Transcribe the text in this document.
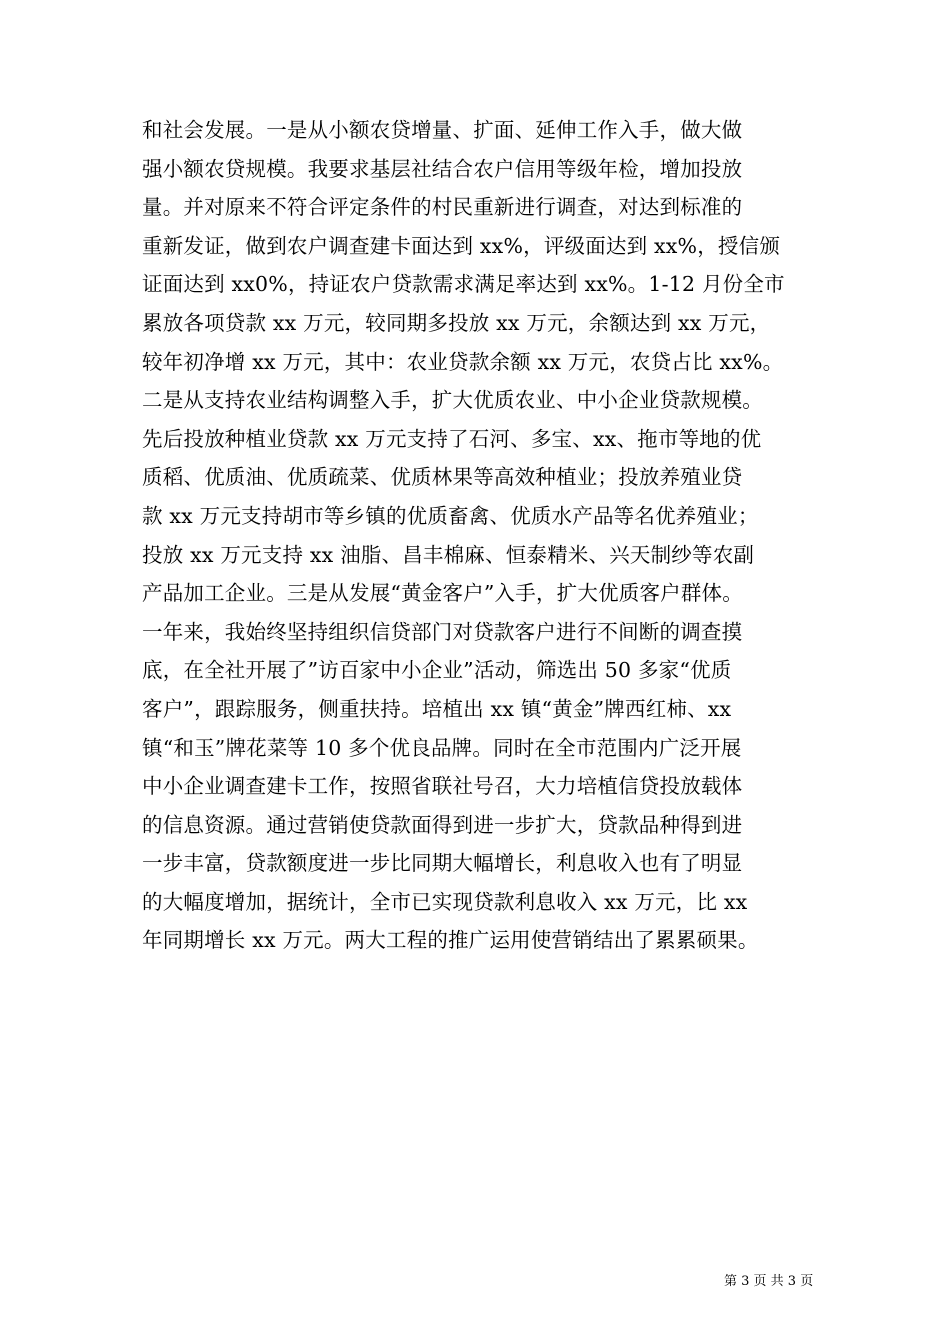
和社会发展。一是从小额农贷增量、扩面、延伸工作入手，做大做
强小额农贷规模。我要求基层社结合农户信用等级年检，增加投放
量。并对原来不符合评定条件的村民重新进行调查，对达到标准的
重新发证，做到农户调查建卡面达到 xx%，评级面达到 xx%，授信颁
证面达到 xx0%，持证农户贷款需求满足率达到 xx%。1-12 月份全市
累放各项贷款 xx 万元，较同期多投放 xx 万元，余额达到 xx 万元，
较年初净增 xx 万元，其中：农业贷款余额 xx 万元，农贷占比 xx%。
二是从支持农业结构调整入手，扩大优质农业、中小企业贷款规模。
先后投放种植业贷款 xx 万元支持了石河、多宝、xx、拖市等地的优
质稻、优质油、优质疏菜、优质林果等高效种植业；投放养殖业贷
款 xx 万元支持胡市等乡镇的优质畜禽、优质水产品等名优养殖业；
投放 xx 万元支持 xx 油脂、昌丰棉麻、恒泰精米、兴天制纱等农副
产品加工企业。三是从发展“黄金客户”入手，扩大优质客户群体。
一年来，我始终坚持组织信贷部门对贷款客户进行不间断的调查摸
底，在全社开展了”访百家中小企业”活动，筛选出 50 多家“优质
客户”，跟踪服务，侧重扶持。培植出 xx 镇“黄金”牌西红柿、xx
镇“和玉”牌花菜等 10 多个优良品牌。同时在全市范围内广泛开展
中小企业调查建卡工作，按照省联社号召，大力培植信贷投放载体
的信息资源。通过营销使贷款面得到进一步扩大，贷款品种得到进
一步丰富，贷款额度进一步比同期大幅增长，利息收入也有了明显
的大幅度增加，据统计，全市已实现贷款利息收入 xx 万元，比 xx
年同期增长 xx 万元。两大工程的推广运用使营销结出了累累硕果。
第 3 页 共 3 页
